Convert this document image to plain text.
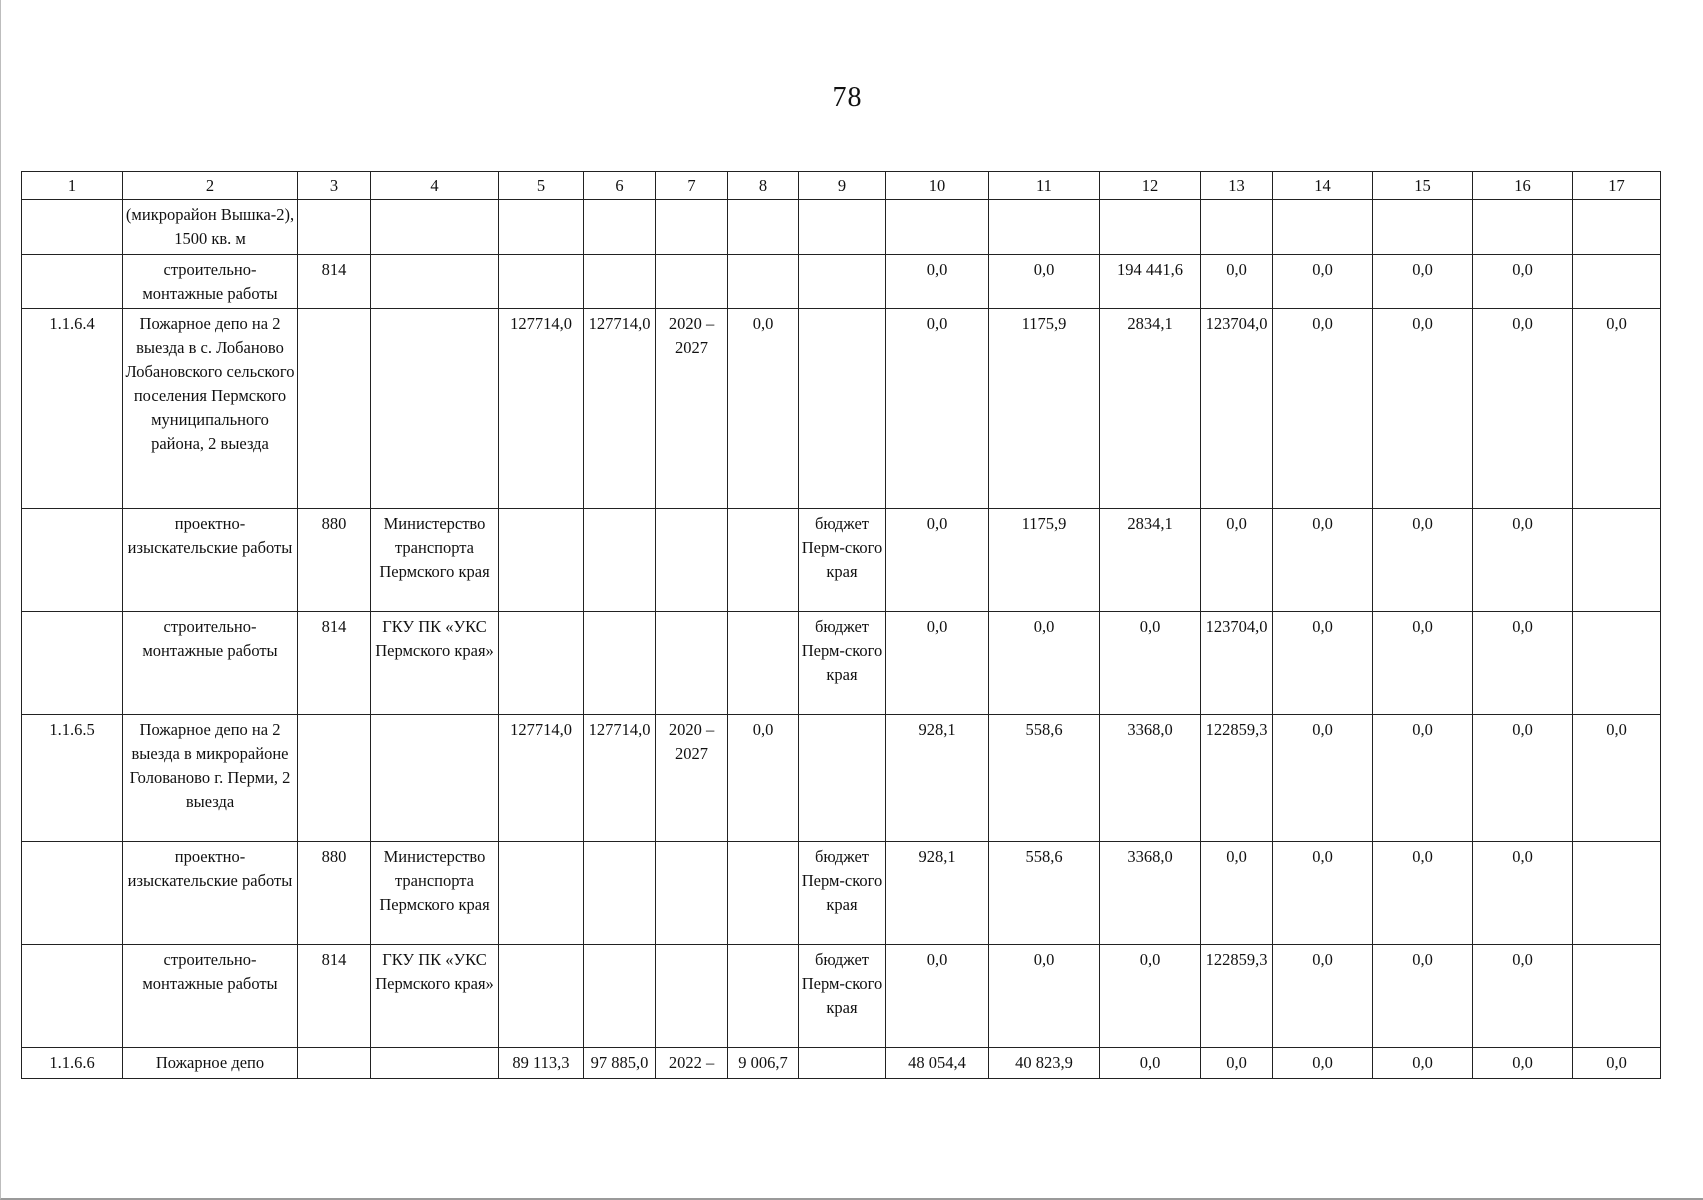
78
1	2	3	4	5	6	7	8	9	10	11	12	13	14	15	16	17
	(микрорайон Вышка-2), 1500 кв. м															
	строительно-монтажные работы	814							0,0	0,0	194 441,6	0,0	0,0	0,0	0,0	
1.1.6.4	Пожарное депо на 2 выезда в с. Лобаново Лобановского сельского поселения Пермского муниципального района, 2 выезда			127714,0	127714,0	2020 – 2027	0,0		0,0	1175,9	2834,1	123704,0	0,0	0,0	0,0	0,0
	проектно-изыскательские работы	880	Министерство транспорта Пермского края					бюджет Перм-ского края	0,0	1175,9	2834,1	0,0	0,0	0,0	0,0	
	строительно-монтажные работы	814	ГКУ ПК «УКС Пермского края»					бюджет Перм-ского края	0,0	0,0	0,0	123704,0	0,0	0,0	0,0	
1.1.6.5	Пожарное депо на 2 выезда в микрорайоне Голованово г. Перми, 2 выезда			127714,0	127714,0	2020 – 2027	0,0		928,1	558,6	3368,0	122859,3	0,0	0,0	0,0	0,0
	проектно-изыскательские работы	880	Министерство транспорта Пермского края					бюджет Перм-ского края	928,1	558,6	3368,0	0,0	0,0	0,0	0,0	
	строительно-монтажные работы	814	ГКУ ПК «УКС Пермского края»					бюджет Перм-ского края	0,0	0,0	0,0	122859,3	0,0	0,0	0,0	
1.1.6.6	Пожарное депо			89 113,3	97 885,0	2022 –	9 006,7		48 054,4	40 823,9	0,0	0,0	0,0	0,0	0,0	0,0
